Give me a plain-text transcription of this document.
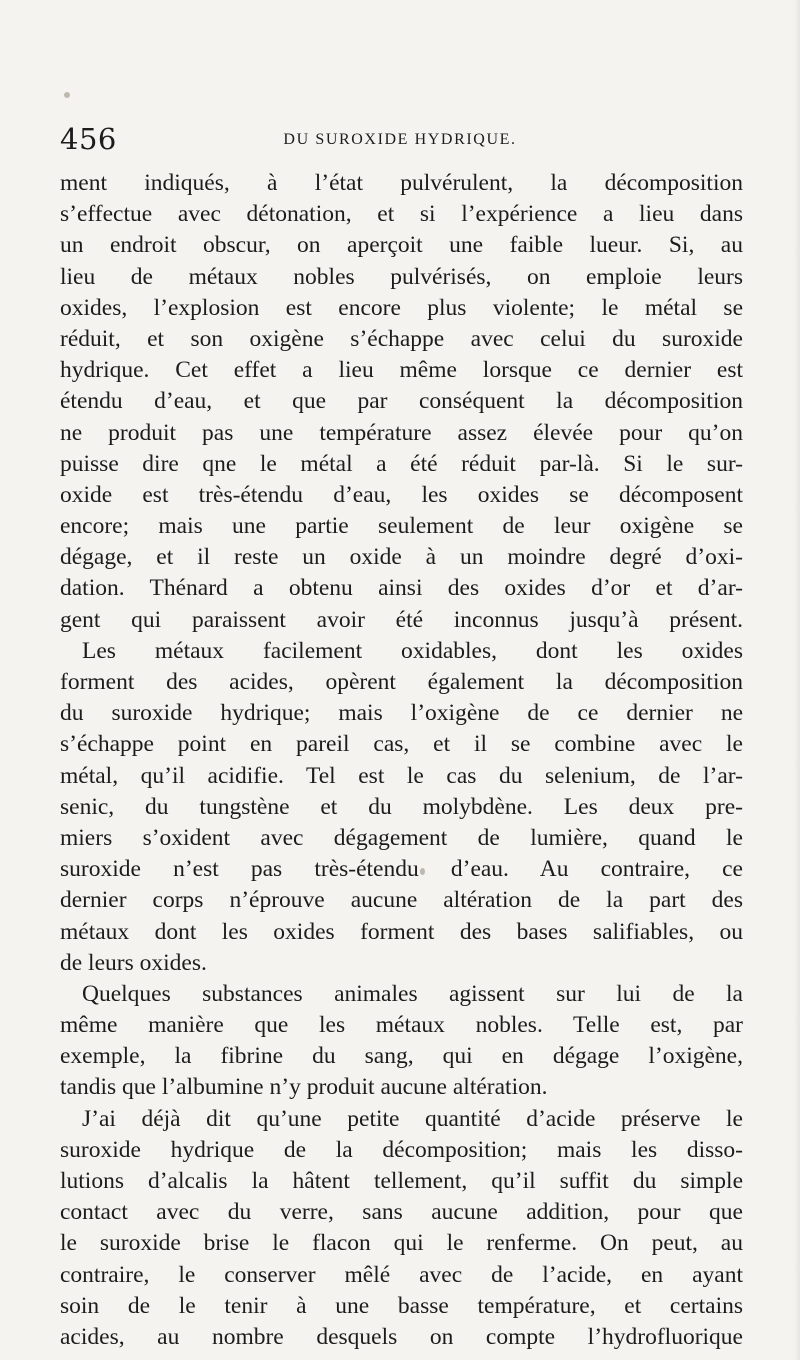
456	DU SUROXIDE HYDRIQUE.
ment indiqués, à l’état pulvérulent, la décomposition
s’effectue avec détonation, et si l’expérience a lieu dans
un endroit obscur, on aperçoit une faible lueur. Si, au
lieu de métaux nobles pulvérisés, on emploie leurs
oxides, l’explosion est encore plus violente; le métal se
réduit, et son oxigène s’échappe avec celui du suroxide
hydrique. Cet effet a lieu même lorsque ce dernier est
étendu d’eau, et que par conséquent la décomposition
ne produit pas une température assez élevée pour qu’on
puisse dire qne le métal a été réduit par-là. Si le sur-
oxide est très-étendu d’eau, les oxides se décomposent
encore; mais une partie seulement de leur oxigène se
dégage, et il reste un oxide à un moindre degré d’oxi-
dation. Thénard a obtenu ainsi des oxides d’or et d’ar-
gent qui paraissent avoir été inconnus jusqu’à présent.
Les métaux facilement oxidables, dont les oxides
forment des acides, opèrent également la décomposition
du suroxide hydrique; mais l’oxigène de ce dernier ne
s’échappe point en pareil cas, et il se combine avec le
métal, qu’il acidifie. Tel est le cas du selenium, de l’ar-
senic, du tungstène et du molybdène. Les deux pre-
miers s’oxident avec dégagement de lumière, quand le
suroxide n’est pas très-étendu d’eau. Au contraire, ce
dernier corps n’éprouve aucune altération de la part des
métaux dont les oxides forment des bases salifiables, ou
de leurs oxides.
Quelques substances animales agissent sur lui de la
même manière que les métaux nobles. Telle est, par
exemple, la fibrine du sang, qui en dégage l’oxigène,
tandis que l’albumine n’y produit aucune altération.
J’ai déjà dit qu’une petite quantité d’acide préserve le
suroxide hydrique de la décomposition; mais les disso-
lutions d’alcalis la hâtent tellement, qu’il suffit du simple
contact avec du verre, sans aucune addition, pour que
le suroxide brise le flacon qui le renferme. On peut, au
contraire, le conserver mêlé avec de l’acide, en ayant
soin de le tenir à une basse température, et certains
acides, au nombre desquels on compte l’hydrofluorique
